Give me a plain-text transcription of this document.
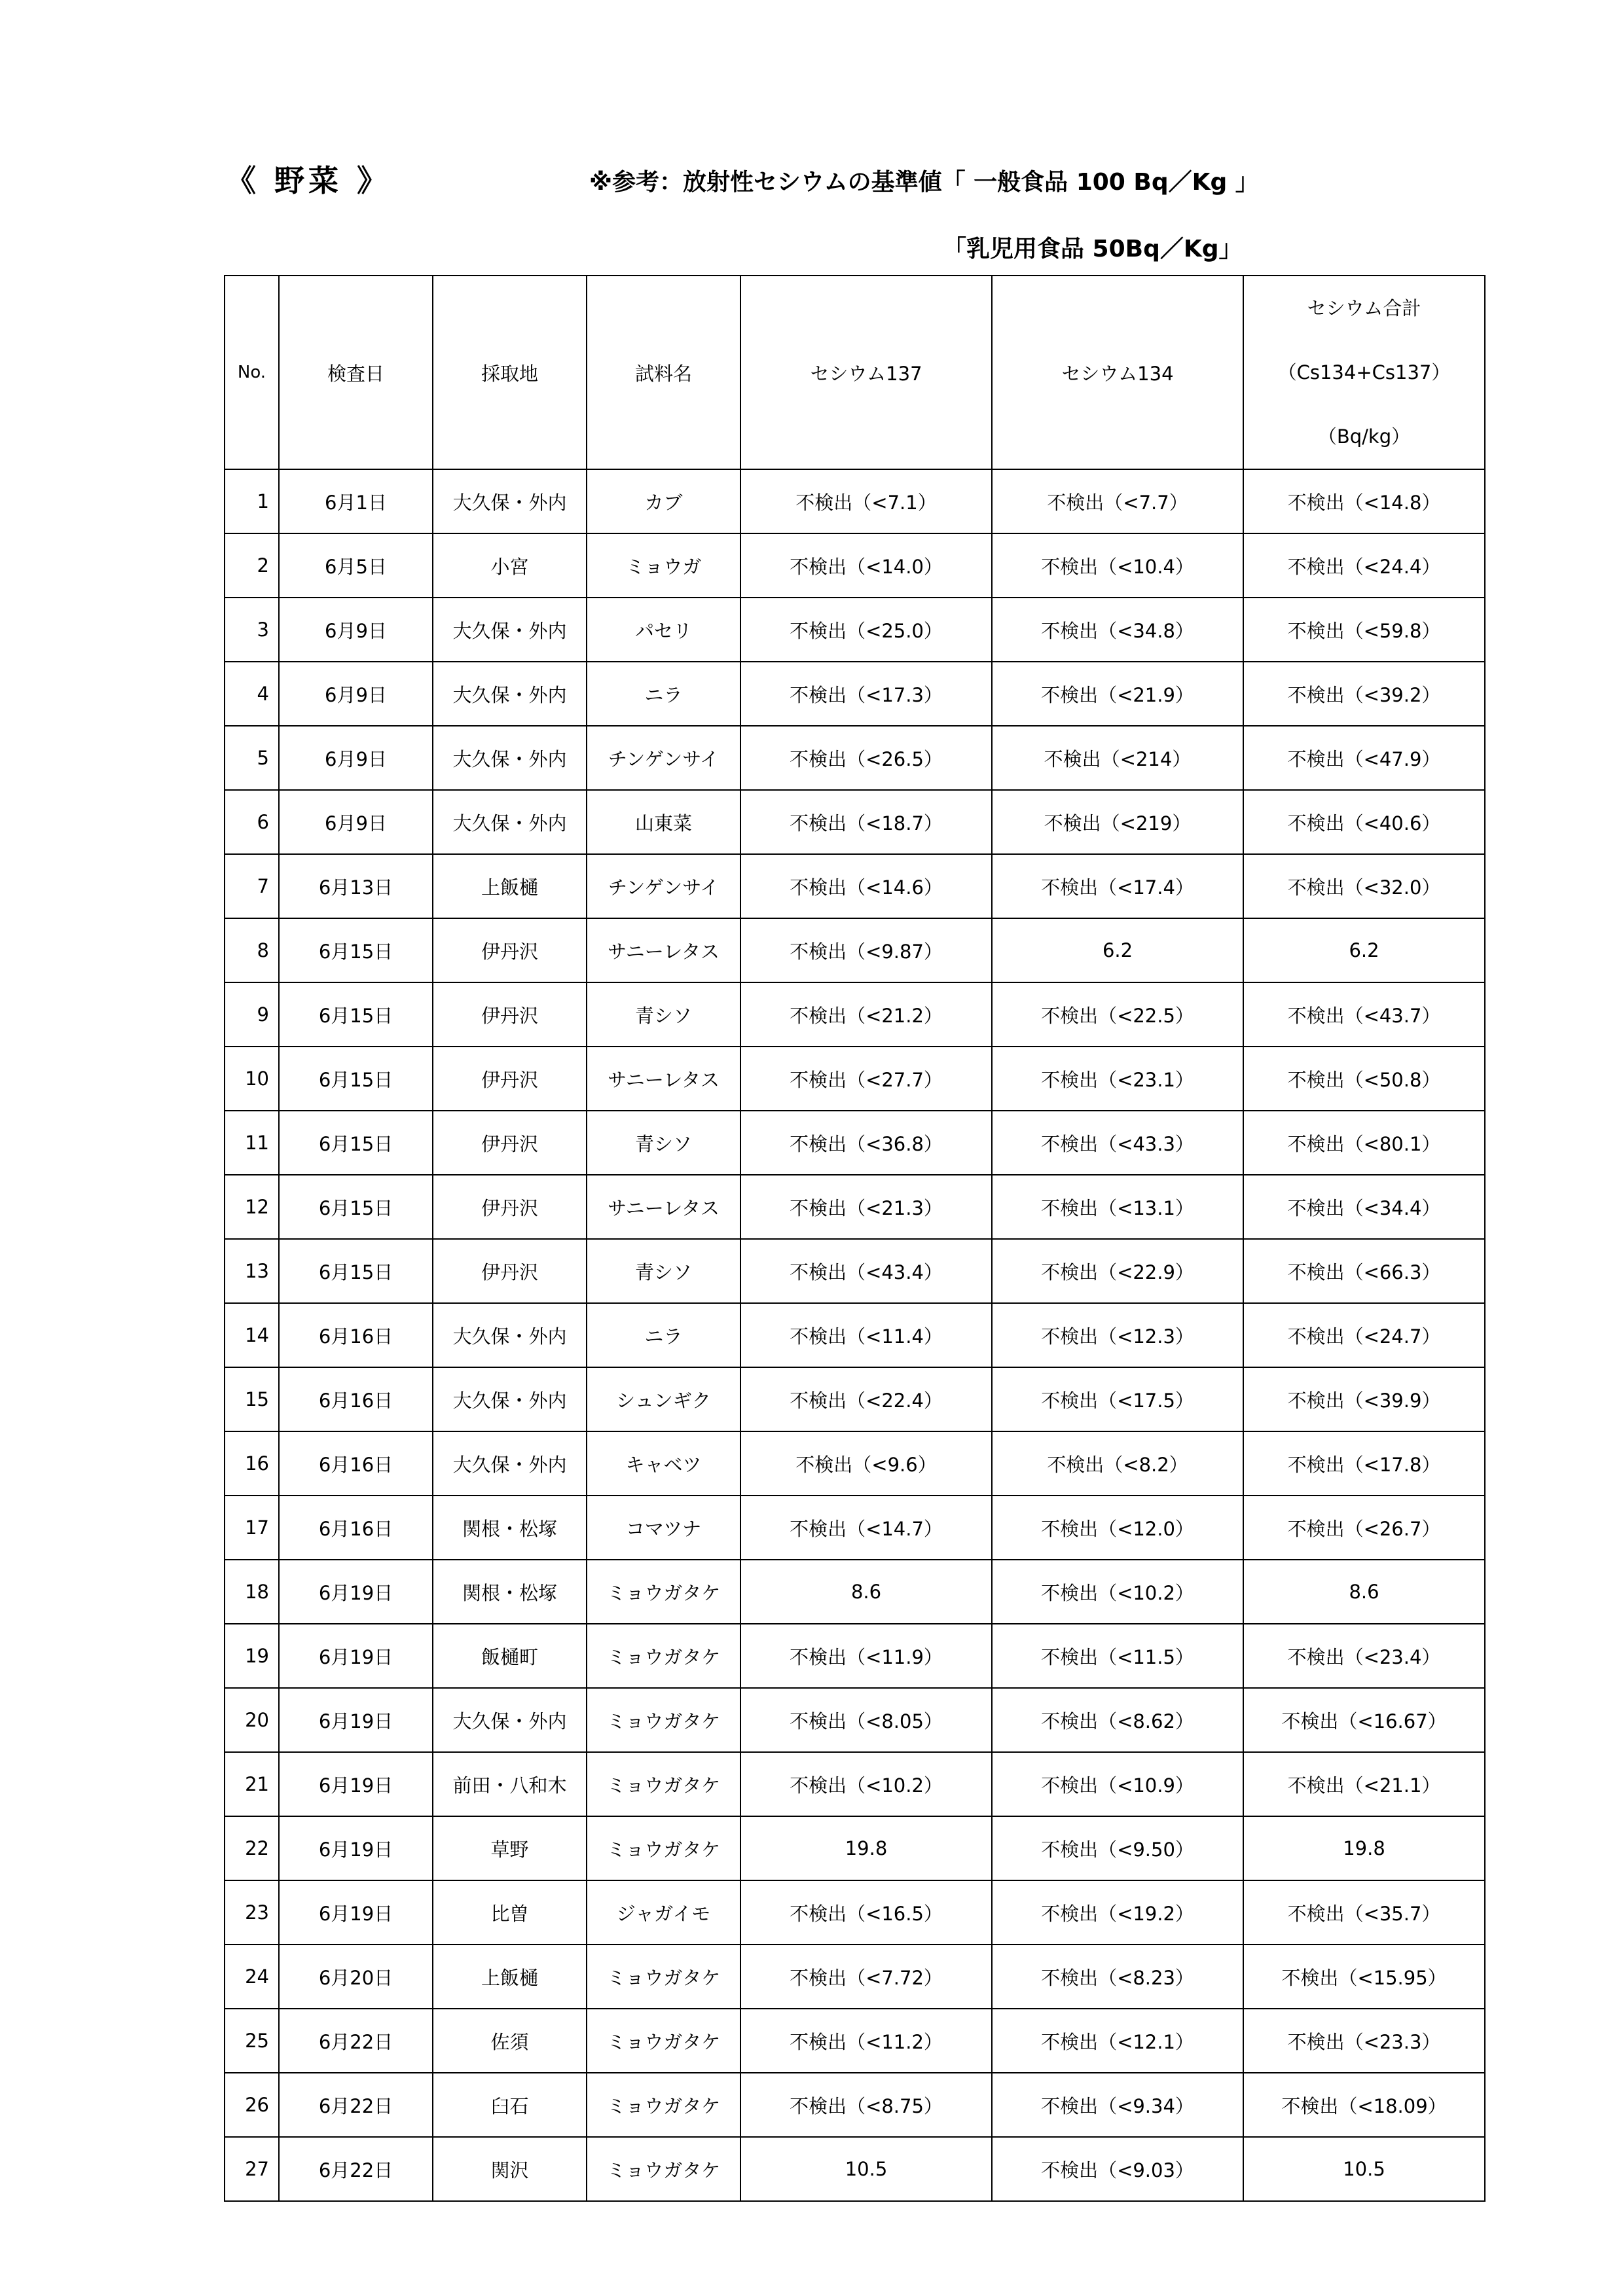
《 野菜 》	※参考：放射性セシウムの基準値「 一般食品 100 Bq／Kg 」
「乳児用食品 50Bq／Kg」
No.	検査日	採取地	試料名	セシウム137	セシウム134	セシウム合計
（Cs134+Cs137）
（Bq/kg）

1	6月1日	大久保・外内	カブ	不検出（<7.1）	不検出（<7.7）	不検出（<14.8）
2	6月5日	小宮	ミョウガ	不検出（<14.0）	不検出（<10.4）	不検出（<24.4）
3	6月9日	大久保・外内	パセリ	不検出（<25.0）	不検出（<34.8）	不検出（<59.8）
4	6月9日	大久保・外内	ニラ	不検出（<17.3）	不検出（<21.9）	不検出（<39.2）
5	6月9日	大久保・外内	チンゲンサイ	不検出（<26.5）	不検出（<214）	不検出（<47.9）
6	6月9日	大久保・外内	山東菜	不検出（<18.7）	不検出（<219）	不検出（<40.6）
7	6月13日	上飯樋	チンゲンサイ	不検出（<14.6）	不検出（<17.4）	不検出（<32.0）
8	6月15日	伊丹沢	サニーレタス	不検出（<9.87）	6.2	6.2
9	6月15日	伊丹沢	青シソ	不検出（<21.2）	不検出（<22.5）	不検出（<43.7）
10	6月15日	伊丹沢	サニーレタス	不検出（<27.7）	不検出（<23.1）	不検出（<50.8）
11	6月15日	伊丹沢	青シソ	不検出（<36.8）	不検出（<43.3）	不検出（<80.1）
12	6月15日	伊丹沢	サニーレタス	不検出（<21.3）	不検出（<13.1）	不検出（<34.4）
13	6月15日	伊丹沢	青シソ	不検出（<43.4）	不検出（<22.9）	不検出（<66.3）
14	6月16日	大久保・外内	ニラ	不検出（<11.4）	不検出（<12.3）	不検出（<24.7）
15	6月16日	大久保・外内	シュンギク	不検出（<22.4）	不検出（<17.5）	不検出（<39.9）
16	6月16日	大久保・外内	キャベツ	不検出（<9.6）	不検出（<8.2）	不検出（<17.8）
17	6月16日	関根・松塚	コマツナ	不検出（<14.7）	不検出（<12.0）	不検出（<26.7）
18	6月19日	関根・松塚	ミョウガタケ	8.6	不検出（<10.2）	8.6
19	6月19日	飯樋町	ミョウガタケ	不検出（<11.9）	不検出（<11.5）	不検出（<23.4）
20	6月19日	大久保・外内	ミョウガタケ	不検出（<8.05）	不検出（<8.62）	不検出（<16.67）
21	6月19日	前田・八和木	ミョウガタケ	不検出（<10.2）	不検出（<10.9）	不検出（<21.1）
22	6月19日	草野	ミョウガタケ	19.8	不検出（<9.50）	19.8
23	6月19日	比曽	ジャガイモ	不検出（<16.5）	不検出（<19.2）	不検出（<35.7）
24	6月20日	上飯樋	ミョウガタケ	不検出（<7.72）	不検出（<8.23）	不検出（<15.95）
25	6月22日	佐須	ミョウガタケ	不検出（<11.2）	不検出（<12.1）	不検出（<23.3）
26	6月22日	臼石	ミョウガタケ	不検出（<8.75）	不検出（<9.34）	不検出（<18.09）
27	6月22日	関沢	ミョウガタケ	10.5	不検出（<9.03）	10.5
